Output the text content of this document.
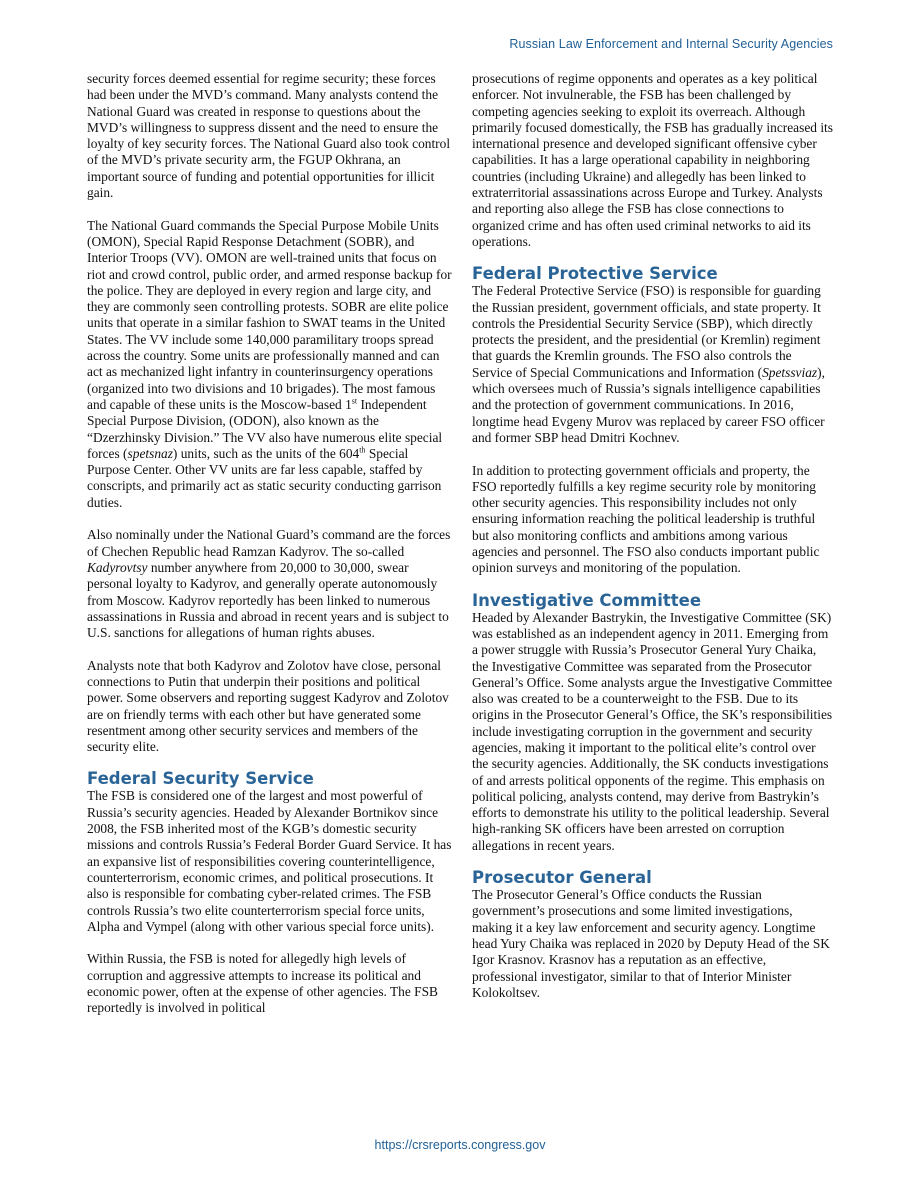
Russian Law Enforcement and Internal Security Agencies

security forces deemed essential for regime security; these forces had been under the MVD’s command. Many analysts contend the National Guard was created in response to questions about the MVD’s willingness to suppress dissent and the need to ensure the loyalty of key security forces. The National Guard also took control of the MVD’s private security arm, the FGUP Okhrana, an important source of funding and potential opportunities for illicit gain.

The National Guard commands the Special Purpose Mobile Units (OMON), Special Rapid Response Detachment (SOBR), and Interior Troops (VV). OMON are well-trained units that focus on riot and crowd control, public order, and armed response backup for the police. They are deployed in every region and large city, and they are commonly seen controlling protests. SOBR are elite police units that operate in a similar fashion to SWAT teams in the United States. The VV include some 140,000 paramilitary troops spread across the country. Some units are professionally manned and can act as mechanized light infantry in counterinsurgency operations (organized into two divisions and 10 brigades). The most famous and capable of these units is the Moscow-based 1st Independent Special Purpose Division, (ODON), also known as the “Dzerzhinsky Division.” The VV also have numerous elite special forces (spetsnaz) units, such as the units of the 604th Special Purpose Center. Other VV units are far less capable, staffed by conscripts, and primarily act as static security conducting garrison duties.

Also nominally under the National Guard’s command are the forces of Chechen Republic head Ramzan Kadyrov. The so-called Kadyrovtsy number anywhere from 20,000 to 30,000, swear personal loyalty to Kadyrov, and generally operate autonomously from Moscow. Kadyrov reportedly has been linked to numerous assassinations in Russia and abroad in recent years and is subject to U.S. sanctions for allegations of human rights abuses.

Analysts note that both Kadyrov and Zolotov have close, personal connections to Putin that underpin their positions and political power. Some observers and reporting suggest Kadyrov and Zolotov are on friendly terms with each other but have generated some resentment among other security services and members of the security elite.

Federal Security Service

The FSB is considered one of the largest and most powerful of Russia’s security agencies. Headed by Alexander Bortnikov since 2008, the FSB inherited most of the KGB’s domestic security missions and controls Russia’s Federal Border Guard Service. It has an expansive list of responsibilities covering counterintelligence, counterterrorism, economic crimes, and political prosecutions. It also is responsible for combating cyber-related crimes. The FSB controls Russia’s two elite counterterrorism special force units, Alpha and Vympel (along with other various special force units).

Within Russia, the FSB is noted for allegedly high levels of corruption and aggressive attempts to increase its political and economic power, often at the expense of other agencies. The FSB reportedly is involved in political

prosecutions of regime opponents and operates as a key political enforcer. Not invulnerable, the FSB has been challenged by competing agencies seeking to exploit its overreach. Although primarily focused domestically, the FSB has gradually increased its international presence and developed significant offensive cyber capabilities. It has a large operational capability in neighboring countries (including Ukraine) and allegedly has been linked to extraterritorial assassinations across Europe and Turkey. Analysts and reporting also allege the FSB has close connections to organized crime and has often used criminal networks to aid its operations.

Federal Protective Service

The Federal Protective Service (FSO) is responsible for guarding the Russian president, government officials, and state property. It controls the Presidential Security Service (SBP), which directly protects the president, and the presidential (or Kremlin) regiment that guards the Kremlin grounds. The FSO also controls the Service of Special Communications and Information (Spetssviaz), which oversees much of Russia’s signals intelligence capabilities and the protection of government communications. In 2016, longtime head Evgeny Murov was replaced by career FSO officer and former SBP head Dmitri Kochnev.

In addition to protecting government officials and property, the FSO reportedly fulfills a key regime security role by monitoring other security agencies. This responsibility includes not only ensuring information reaching the political leadership is truthful but also monitoring conflicts and ambitions among various agencies and personnel. The FSO also conducts important public opinion surveys and monitoring of the population.

Investigative Committee

Headed by Alexander Bastrykin, the Investigative Committee (SK) was established as an independent agency in 2011. Emerging from a power struggle with Russia’s Prosecutor General Yury Chaika, the Investigative Committee was separated from the Prosecutor General’s Office. Some analysts argue the Investigative Committee also was created to be a counterweight to the FSB. Due to its origins in the Prosecutor General’s Office, the SK’s responsibilities include investigating corruption in the government and security agencies, making it important to the political elite’s control over the security agencies. Additionally, the SK conducts investigations of and arrests political opponents of the regime. This emphasis on political policing, analysts contend, may derive from Bastrykin’s efforts to demonstrate his utility to the political leadership. Several high-ranking SK officers have been arrested on corruption allegations in recent years.

Prosecutor General

The Prosecutor General’s Office conducts the Russian government’s prosecutions and some limited investigations, making it a key law enforcement and security agency. Longtime head Yury Chaika was replaced in 2020 by Deputy Head of the SK Igor Krasnov. Krasnov has a reputation as an effective, professional investigator, similar to that of Interior Minister Kolokoltsev.

https://crsreports.congress.gov
